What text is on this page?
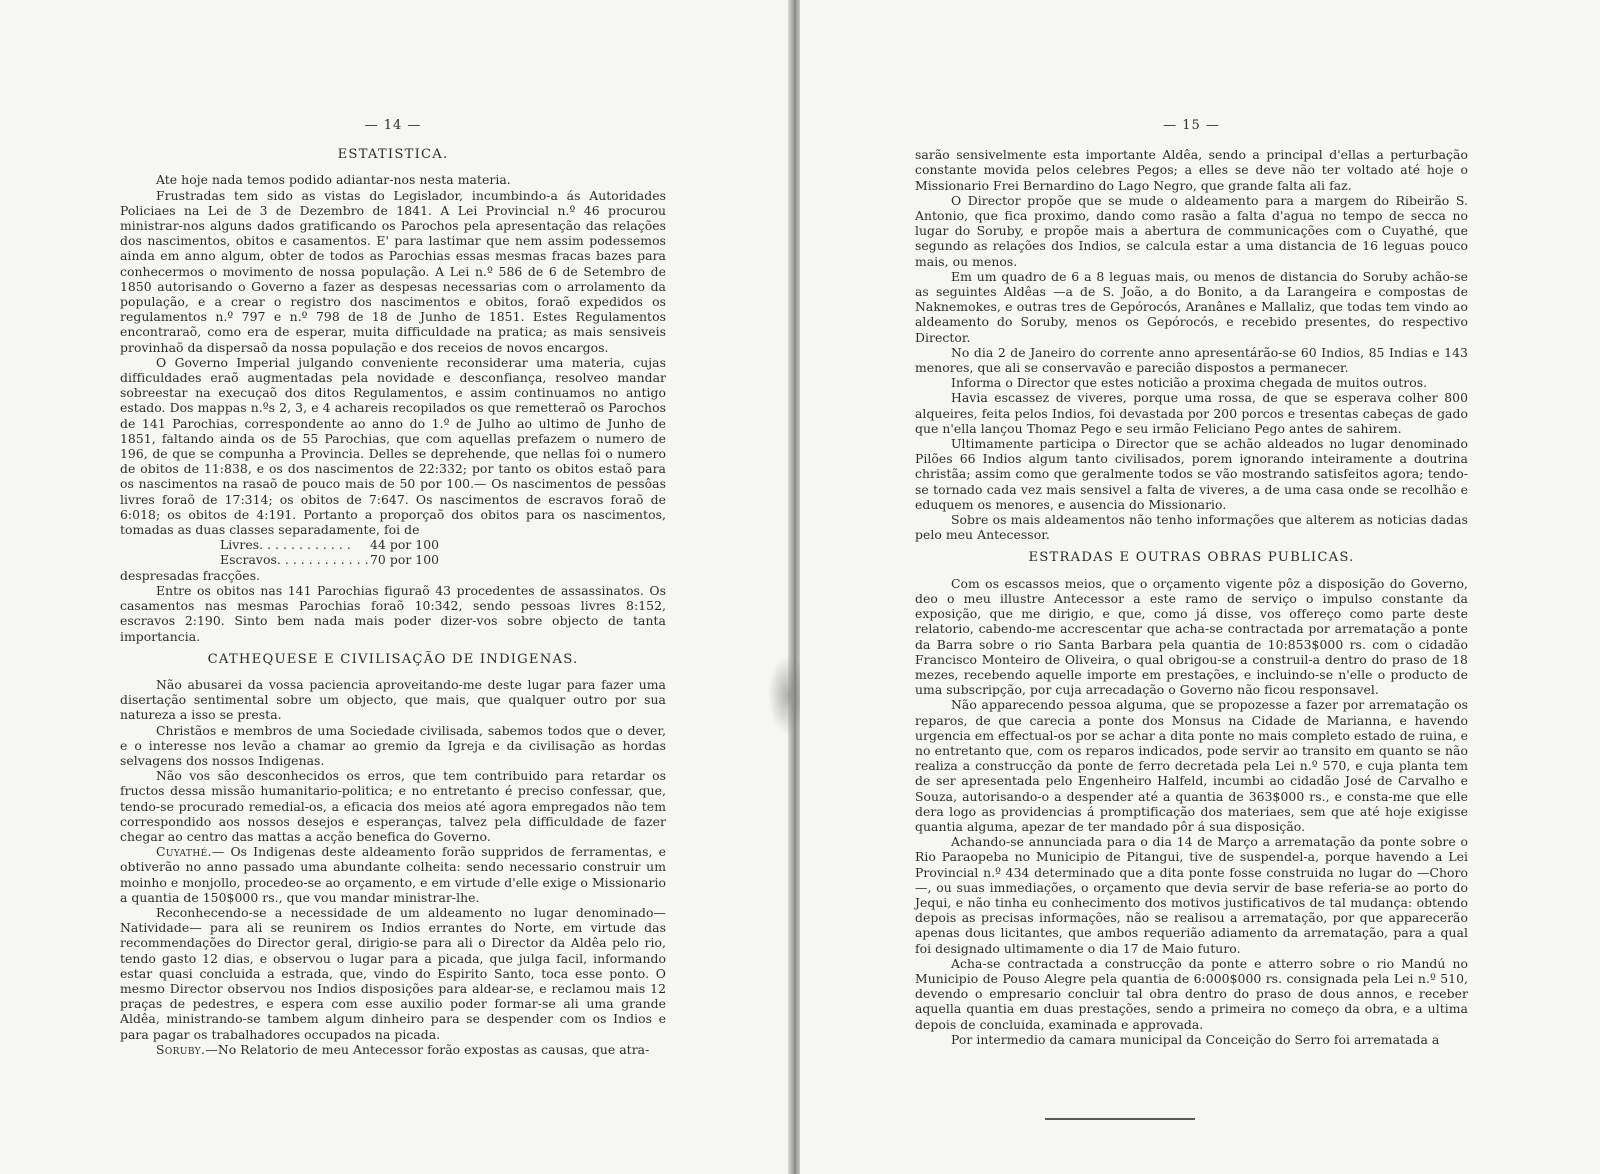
— 14 —
ESTATISTICA.

Ate hoje nada temos podido adiantar-nos nesta materia.

Frustradas tem sido as vistas do Legislador, incumbindo-a ás Autoridades Policiaes na Lei de 3 de Dezembro de 1841. A Lei Provincial n.º 46 procurou ministrar-nos alguns dados gratificando os Parochos pela apresentação das relações dos nascimentos, obitos e casamentos. E' para lastimar que nem assim podessemos ainda em anno algum, obter de todos as Parochias essas mesmas fracas bazes para conhecermos o movimento de nossa população. A Lei n.º 586 de 6 de Setembro de 1850 autorisando o Governo a fazer as despesas necessarias com o arrolamento da população, e a crear o registro dos nascimentos e obitos, foraõ expedidos os regulamentos n.º 797 e n.º 798 de 18 de Junho de 1851. Estes Regulamentos encontraraõ, como era de esperar, muita difficuldade na pratica; as mais sensiveis provinhaõ da dispersaõ da nossa população e dos receios de novos encargos.

O Governo Imperial julgando conveniente reconsiderar uma materia, cujas difficuldades eraõ augmentadas pela novidade e desconfiança, resolveo mandar sobreestar na execuçaõ dos ditos Regulamentos, e assim continuamos no antigo estado. Dos mappas n.ºs 2, 3, e 4 achareis recopilados os que remetteraõ os Parochos de 141 Parochias, correspondente ao anno do 1.º de Julho ao ultimo de Junho de 1851, faltando ainda os de 55 Parochias, que com aquellas prefazem o numero de 196, de que se compunha a Provincia. Delles se deprehende, que nellas foi o numero de obitos de 11:838, e os dos nascimentos de 22:332; por tanto os obitos estaõ para os nascimentos na rasaõ de pouco mais de 50 por 100.— Os nascimentos de pessôas livres foraõ de 17:314; os obitos de 7:647. Os nascimentos de escravos foraõ de 6:018; os obitos de 4:191. Portanto a proporçaõ dos obitos para os nascimentos, tomadas as duas classes separadamente, foi de

Livres. . . . . . . . . . . .	44 por 100
Escravos. . . . . . . . . . . . 70 por 100

despresadas fracções.

Entre os obitos nas 141 Parochias figuraõ 43 procedentes de assassinatos. Os casamentos nas mesmas Parochias foraõ 10:342, sendo pessoas livres 8:152, escravos 2:190. Sinto bem nada mais poder dizer-vos sobre objecto de tanta importancia.

CATHEQUESE E CIVILISAÇÃO DE INDIGENAS.

Não abusarei da vossa paciencia aproveitando-me deste lugar para fazer uma disertação sentimental sobre um objecto, que mais, que qualquer outro por sua natureza a isso se presta.

Christãos e membros de uma Sociedade civilisada, sabemos todos que o dever, e o interesse nos levão a chamar ao gremio da Igreja e da civilisação as hordas selvagens dos nossos Indigenas.

Não vos são desconhecidos os erros, que tem contribuido para retardar os fructos dessa missão humanitario-politica; e no entretanto é preciso confessar, que, tendo-se procurado remedial-os, a eficacia dos meios até agora empregados não tem correspondido aos nossos desejos e esperanças, talvez pela difficuldade de fazer chegar ao centro das mattas a acção benefica do Governo.

Cuyathé.— Os Indigenas deste aldeamento forão suppridos de ferramentas, e obtiverão no anno passado uma abundante colheita: sendo necessario construir um moinho e monjollo, procedeo-se ao orçamento, e em virtude d'elle exige o Missionario a quantia de 150$000 rs., que vou mandar ministrar-lhe.

Reconhecendo-se a necessidade de um aldeamento no lugar denominado—Natividade— para ali se reunirem os Indios errantes do Norte, em virtude das recommendações do Director geral, dirigio-se para ali o Director da Aldêa pelo rio, tendo gasto 12 dias, e observou o lugar para a picada, que julga facil, informando estar quasi concluida a estrada, que, vindo do Espirito Santo, toca esse ponto. O mesmo Director observou nos Indios disposições para aldear-se, e reclamou mais 12 praças de pedestres, e espera com esse auxilio poder formar-se ali uma grande Aldêa, ministrando-se tambem algum dinheiro para se despender com os Indios e para pagar os trabalhadores occupados na picada.

Soruby.—No Relatorio de meu Antecessor forão expostas as causas, que atra-

— 15 —

sarão sensivelmente esta importante Aldêa, sendo a principal d'ellas a perturbação constante movida pelos celebres Pegos; a elles se deve não ter voltado até hoje o Missionario Frei Bernardino do Lago Negro, que grande falta ali faz.

O Director propõe que se mude o aldeamento para a margem do Ribeirão S. Antonio, que fica proximo, dando como rasão a falta d'agua no tempo de secca no lugar do Soruby, e propõe mais a abertura de communicações com o Cuyathé, que segundo as relações dos Indios, se calcula estar a uma distancia de 16 leguas pouco mais, ou menos.

Em um quadro de 6 a 8 leguas mais, ou menos de distancia do Soruby achão-se as seguintes Aldêas —a de S. João, a do Bonito, a da Larangeira e compostas de Naknemokes, e outras tres de Gepórocós, Aranânes e Mallaliz, que todas tem vindo ao aldeamento do Soruby, menos os Gepórocós, e recebido presentes, do respectivo Director.

No dia 2 de Janeiro do corrente anno apresentárão-se 60 Indios, 85 Indias e 143 menores, que ali se conservavão e parecião dispostos a permanecer.

Informa o Director que estes noticião a proxima chegada de muitos outros.

Havia escassez de viveres, porque uma rossa, de que se esperava colher 800 alqueires, feita pelos Indios, foi devastada por 200 porcos e tresentas cabeças de gado que n'ella lançou Thomaz Pego e seu irmão Feliciano Pego antes de sahirem.

Ultimamente participa o Director que se achão aldeados no lugar denominado Pilões 66 Indios algum tanto civilisados, porem ignorando inteiramente a doutrina christãa; assim como que geralmente todos se vão mostrando satisfeitos agora; tendo-se tornado cada vez mais sensivel a falta de viveres, a de uma casa onde se recolhão e eduquem os menores, e ausencia do Missionario.

Sobre os mais aldeamentos não tenho informações que alterem as noticias dadas pelo meu Antecessor.

ESTRADAS E OUTRAS OBRAS PUBLICAS.

Com os escassos meios, que o orçamento vigente pôz a disposição do Governo, deo o meu illustre Antecessor a este ramo de serviço o impulso constante da exposição, que me dirigio, e que, como já disse, vos offereço como parte deste relatorio, cabendo-me accrescentar que acha-se contractada por arrematação a ponte da Barra sobre o rio Santa Barbara pela quantia de 10:853$000 rs. com o cidadão Francisco Monteiro de Oliveira, o qual obrigou-se a construil-a dentro do praso de 18 mezes, recebendo aquelle importe em prestações, e incluindo-se n'elle o producto de uma subscripção, por cuja arrecadação o Governo não ficou responsavel.

Não apparecendo pessoa alguma, que se propozesse a fazer por arrematação os reparos, de que carecia a ponte dos Monsus na Cidade de Marianna, e havendo urgencia em effectual-os por se achar a dita ponte no mais completo estado de ruina, e no entretanto que, com os reparos indicados, pode servir ao transito em quanto se não realiza a construcção da ponte de ferro decretada pela Lei n.º 570, e cuja planta tem de ser apresentada pelo Engenheiro Halfeld, incumbi ao cidadão José de Carvalho e Souza, autorisando-o a despender até a quantia de 363$000 rs., e consta-me que elle dera logo as providencias á promptificação dos materiaes, sem que até hoje exigisse quantia alguma, apezar de ter mandado pôr á sua disposição.

Achando-se annunciada para o dia 14 de Março a arrematação da ponte sobre o Rio Paraopeba no Municipio de Pitangui, tive de suspendel-a, porque havendo a Lei Provincial n.º 434 determinado que a dita ponte fosse construida no lugar do —Choro—, ou suas immediações, o orçamento que devia servir de base referia-se ao porto do Jequi, e não tinha eu conhecimento dos motivos justificativos de tal mudança: obtendo depois as precisas informações, não se realisou a arrematação, por que apparecerão apenas dous licitantes, que ambos requerião adiamento da arrematação, para a qual foi designado ultimamente o dia 17 de Maio futuro.

Acha-se contractada a construcção da ponte e atterro sobre o rio Mandú no Municipio de Pouso Alegre pela quantia de 6:000$000 rs. consignada pela Lei n.º 510, devendo o empresario concluir tal obra dentro do praso de dous annos, e receber aquella quantia em duas prestações, sendo a primeira no começo da obra, e a ultima depois de concluida, examinada e approvada.

Por intermedio da camara municipal da Conceição do Serro foi arrematada a
